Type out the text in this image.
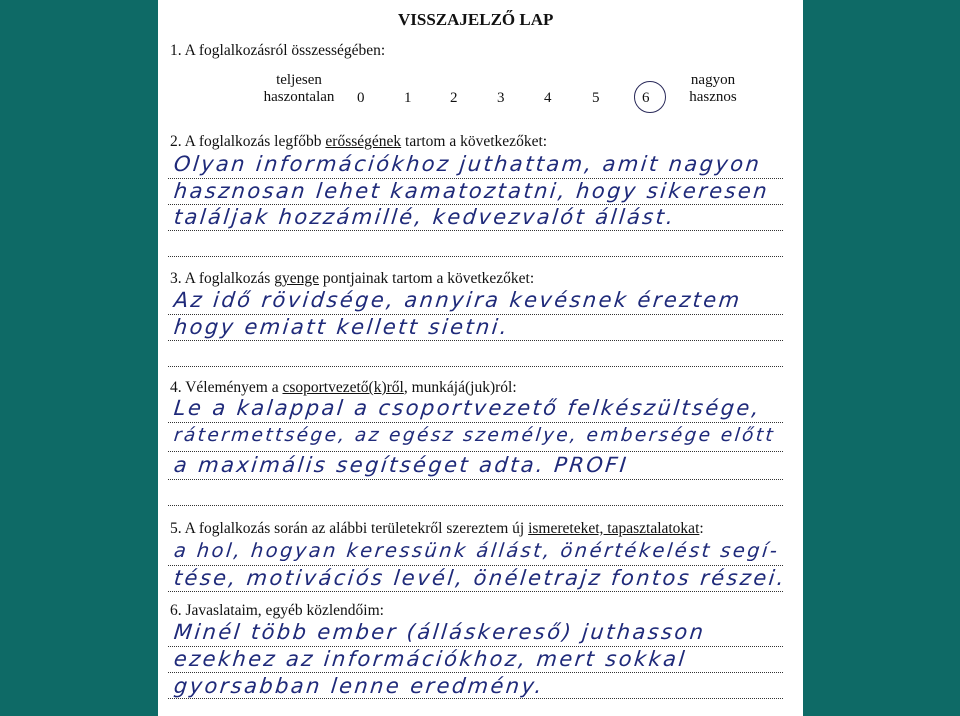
VISSZAJELZŐ LAP
1. A foglalkozásról összességében:
teljesen haszontalan
nagyon hasznos
0	1	2	3	4	5	6
2. A foglalkozás legfőbb erősségének tartom a következőket:
Olyan információkhoz juthattam, amit nagyon
hasznosan lehet kamatoztatni, hogy sikeresen
találjak hozzámillé, kedvezvalót állást.
3. A foglalkozás gyenge pontjainak tartom a következőket:
Az idő rövidsége, annyira kevésnek éreztem
hogy emiatt kellett sietni.
4. Véleményem a csoportvezető(k)ről, munkájá(juk)ról:
Le a kalappal a csoportvezető felkészültsége,
rátermettsége, az egész személye, embersége előtt
a maximális segítséget adta. PROFI
5. A foglalkozás során az alábbi területekről szereztem új ismereteket, tapasztalatokat:
a hol, hogyan keressünk állást, önértékelést segí-
tése, motivációs levél, önéletrajz fontos részei.
6. Javaslataim, egyéb közlendőim:
Minél több ember (álláskereső) juthasson
ezekhez az információkhoz, mert sokkal
gyorsabban lenne eredmény.
